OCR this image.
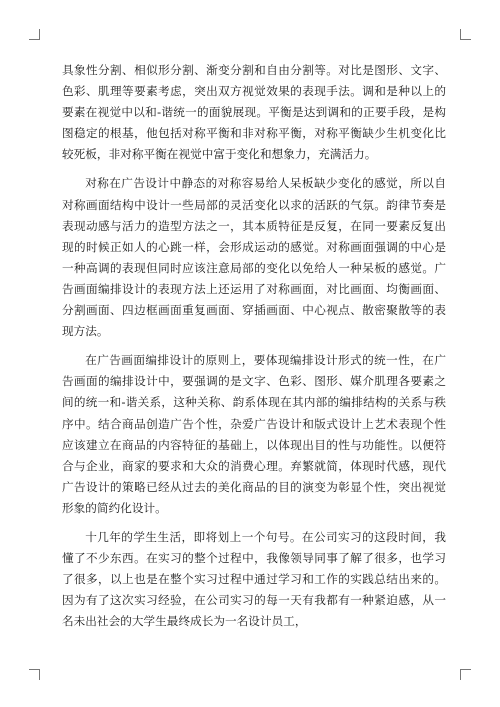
具象性分割、相似形分割、渐变分割和自由分割等。对比是图形、文字、色彩、肌理等要素考虑，突出双方视觉效果的表现手法。调和是种以上的要素在视觉中以和-谐统一的面貌展现。平衡是达到调和的正要手段，是构图稳定的根基，他包括对称平衡和非对称平衡，对称平衡缺少生机变化比较死板，非对称平衡在视觉中富于变化和想象力，充满活力。

对称在广告设计中静态的对称容易给人呆板缺少变化的感觉，所以自对称画面结构中设计一些局部的灵活变化以求的活跃的气氛。韵律节奏是表现动感与活力的造型方法之一，其本质特征是反复，在同一要素反复出现的时候正如人的心跳一样，会形成运动的感觉。对称画面强调的中心是一种高调的表现但同时应该注意局部的变化以免给人一种呆板的感觉。广告画面编排设计的表现方法上还运用了对称画面，对比画面、均衡画面、分割画面、四边框画面重复画面、穿插画面、中心视点、散密聚散等的表现方法。

在广告画面编排设计的原则上，要体现编排设计形式的统一性，在广告画面的编排设计中，要强调的是文字、色彩、图形、媒介肌理各要素之间的统一和-谐关系，这种关称、韵系体现在其内部的编排结构的关系与秩序中。结合商品创造广告个性，杂爱广告设计和版式设计上艺术表现个性应该建立在商品的内容特征的基础上，以体现出目的性与功能性。以便符合与企业，商家的要求和大众的消费心理。弃繁就简，体现时代感，现代广告设计的策略已经从过去的美化商品的目的演变为彰显个性，突出视觉形象的简约化设计。

十几年的学生生活，即将划上一个句号。在公司实习的这段时间，我懂了不少东西。在实习的整个过程中，我像领导同事了解了很多，也学习了很多，以上也是在整个实习过程中通过学习和工作的实践总结出来的。因为有了这次实习经验，在公司实习的每一天有我都有一种紧迫感，从一名未出社会的大学生最终成长为一名设计员工，
